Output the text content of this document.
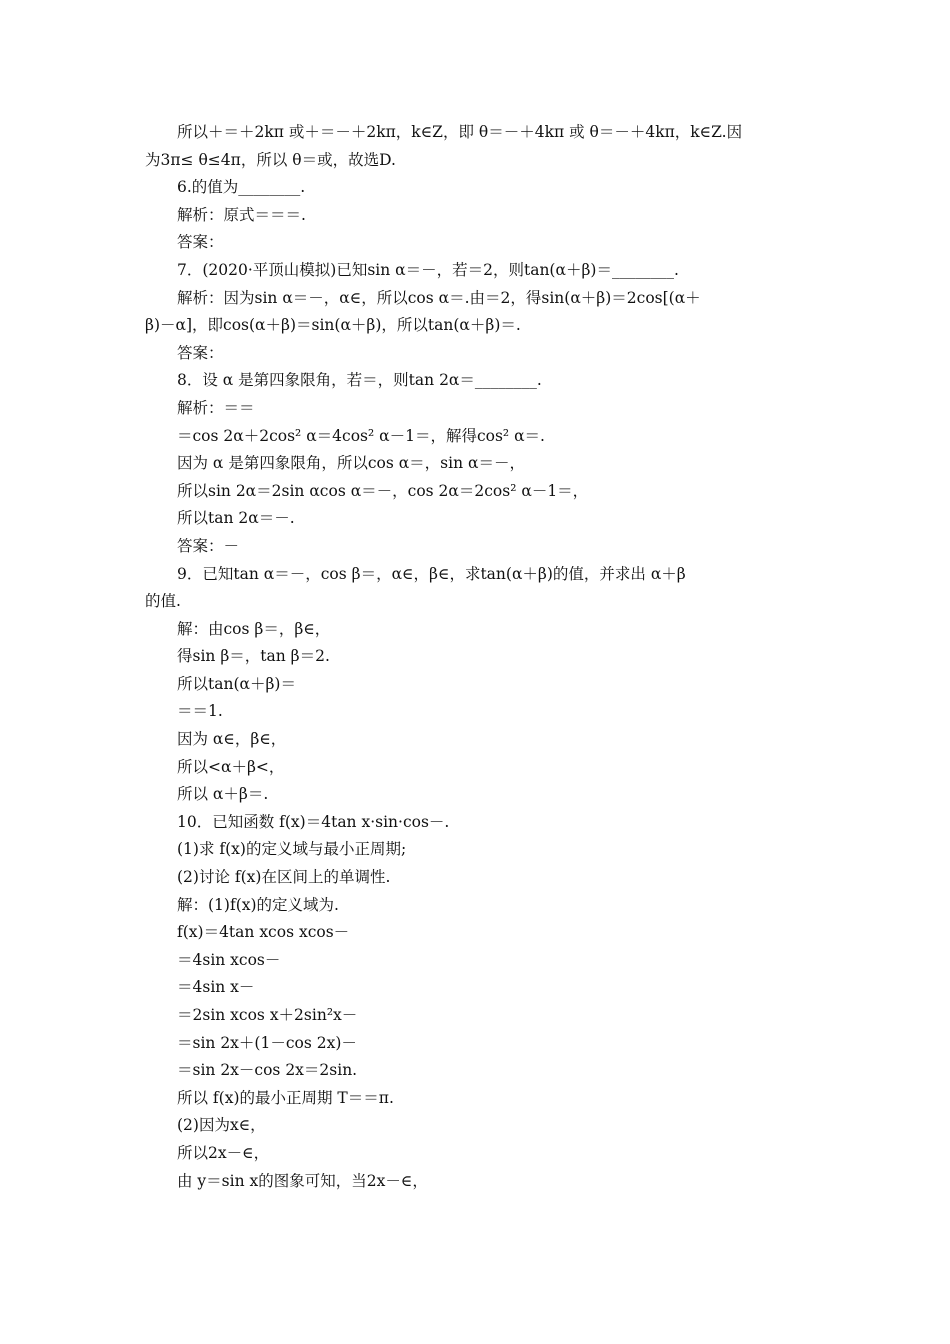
所以＋＝＋2kπ 或＋＝－＋2kπ，k∈Z，即 θ＝－＋4kπ 或 θ＝－＋4kπ，k∈Z.因
为3π≤ θ≤4π，所以 θ＝或，故选D.
6.的值为________.
解析：原式＝＝＝.
答案：
7．(2020·平顶山模拟)已知sin α＝－，若＝2，则tan(α＋β)＝________.
解析：因为sin α＝－，α∈，所以cos α＝.由＝2，得sin(α＋β)＝2cos[(α＋
β)－α]，即cos(α＋β)＝sin(α＋β)，所以tan(α＋β)＝.
答案：
8．设 α 是第四象限角，若＝，则tan 2α＝________.
解析：＝＝
＝cos 2α＋2cos² α＝4cos² α－1＝，解得cos² α＝.
因为 α 是第四象限角，所以cos α＝，sin α＝－，
所以sin 2α＝2sin αcos α＝－，cos 2α＝2cos² α－1＝，
所以tan 2α＝－.
答案：－
9．已知tan α＝－，cos β＝，α∈，β∈，求tan(α＋β)的值，并求出 α＋β
的值.
解：由cos β＝，β∈，
得sin β＝，tan β＝2.
所以tan(α＋β)＝
＝＝1.
因为 α∈，β∈，
所以<α＋β<，
所以 α＋β＝.
10．已知函数 f(x)＝4tan x·sin·cos－.
(1)求 f(x)的定义域与最小正周期;
(2)讨论 f(x)在区间上的单调性.
解：(1)f(x)的定义域为.
f(x)＝4tan xcos xcos－
＝4sin xcos－
＝4sin x－
＝2sin xcos x＋2sin²x－
＝sin 2x＋(1－cos 2x)－
＝sin 2x－cos 2x＝2sin.
所以 f(x)的最小正周期 T＝＝π.
(2)因为x∈，
所以2x－∈，
由 y＝sin x的图象可知，当2x－∈，
